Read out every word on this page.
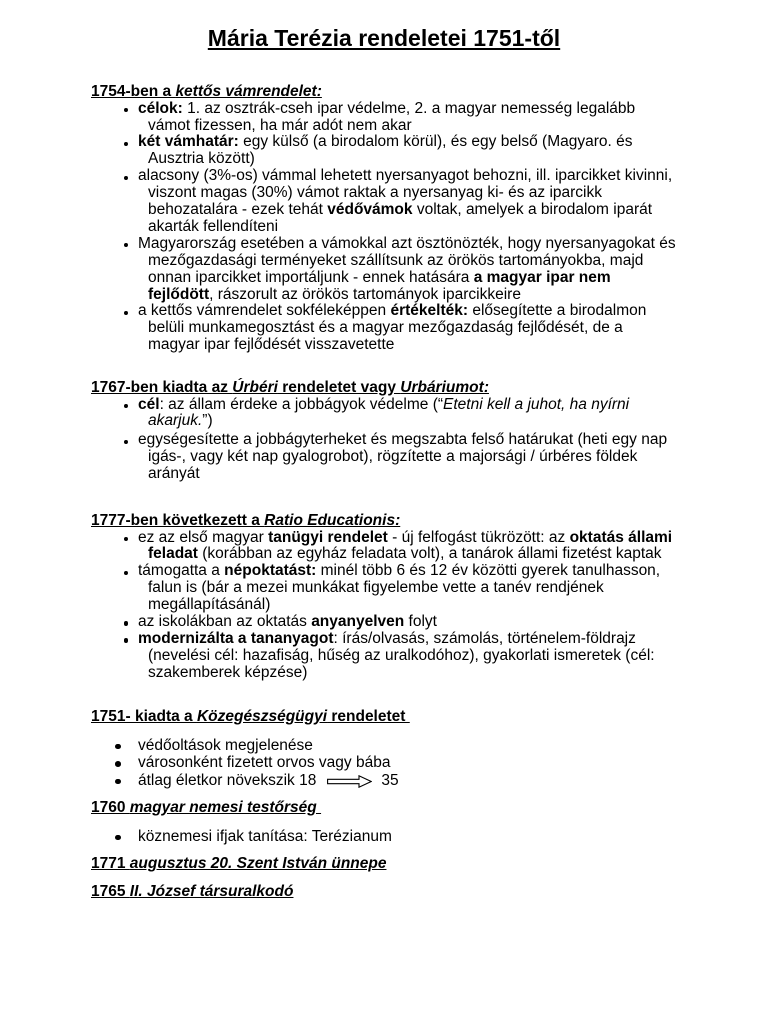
Mária Terézia rendeletei 1751-től
1754-ben a kettős vámrendelet:
célok: 1. az osztrák-cseh ipar védelme, 2. a magyar nemesség legalább
vámot fizessen, ha már adót nem akar
két vámhatár: egy külső (a birodalom körül), és egy belső (Magyaro. és
Ausztria között)
alacsony (3%-os) vámmal lehetett nyersanyagot behozni, ill. iparcikket kivinni,
viszont magas (30%) vámot raktak a nyersanyag ki- és az iparcikk
behozatalára - ezek tehát védővámok voltak, amelyek a birodalom iparát
akarták fellendíteni
Magyarország esetében a vámokkal azt ösztönözték, hogy nyersanyagokat és
mezőgazdasági terményeket szállítsunk az örökös tartományokba, majd
onnan iparcikket importáljunk - ennek hatására a magyar ipar nem
fejlődött, rászorult az örökös tartományok iparcikkeire
a kettős vámrendelet sokféleképpen értékelték: elősegítette a birodalmon
belüli munkamegosztást és a magyar mezőgazdaság fejlődését, de a
magyar ipar fejlődését visszavetette
1767-ben kiadta az Úrbéri rendeletet vagy Urbáriumot:
cél: az állam érdeke a jobbágyok védelme (“Etetni kell a juhot, ha nyírni
akarjuk.”)
egységesítette a jobbágyterheket és megszabta felső határukat (heti egy nap
igás-, vagy két nap gyalogrobot), rögzítette a majorsági / úrbéres földek
arányát
1777-ben következett a Ratio Educationis:
ez az első magyar tanügyi rendelet - új felfogást tükrözött: az oktatás állami
feladat (korábban az egyház feladata volt), a tanárok állami fizetést kaptak
támogatta a népoktatást: minél több 6 és 12 év közötti gyerek tanulhasson,
falun is (bár a mezei munkákat figyelembe vette a tanév rendjének
megállapításánál)
az iskolákban az oktatás anyanyelven folyt
modernizálta a tananyagot: írás/olvasás, számolás, történelem-földrajz
(nevelési cél: hazafiság, hűség az uralkodóhoz), gyakorlati ismeretek (cél:
szakemberek képzése)
1751- kiadta a Közegészségügyi rendeletet
védőoltások megjelenése
városonként fizetett orvos vagy bába
átlag életkor növekszik 18	35
1760 magyar nemesi testőrség
köznemesi ifjak tanítása: Terézianum
1771 augusztus 20. Szent István ünnepe
1765 II. József társuralkodó
